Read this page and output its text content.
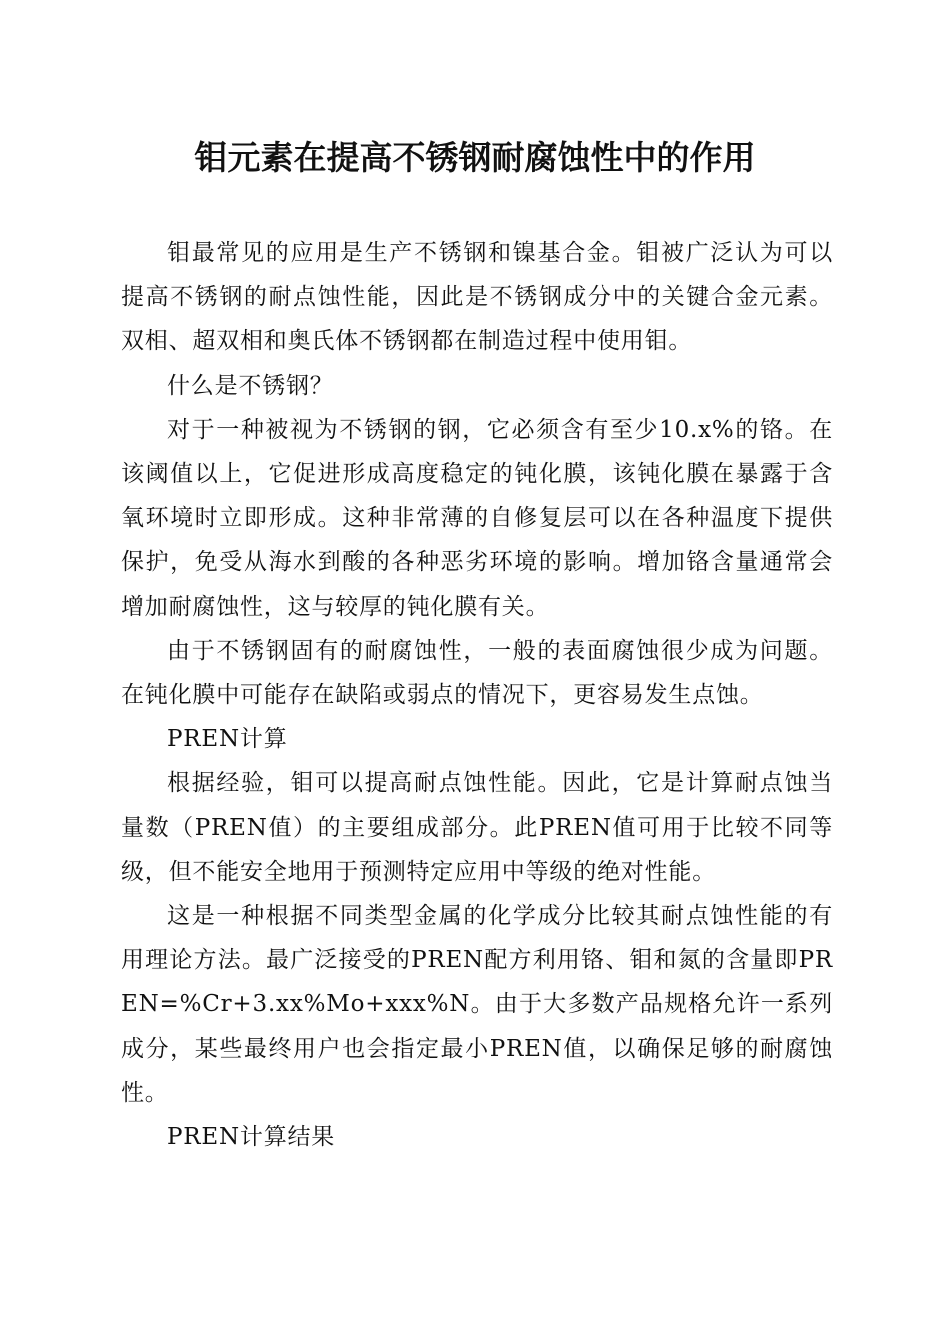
钼元素在提高不锈钢耐腐蚀性中的作用

钼最常见的应用是生产不锈钢和镍基合金。钼被广泛认为可以提高不锈钢的耐点蚀性能，因此是不锈钢成分中的关键合金元素。双相、超双相和奥氏体不锈钢都在制造过程中使用钼。

什么是不锈钢？

对于一种被视为不锈钢的钢，它必须含有至少10.x%的铬。在该阈值以上，它促进形成高度稳定的钝化膜，该钝化膜在暴露于含氧环境时立即形成。这种非常薄的自修复层可以在各种温度下提供保护，免受从海水到酸的各种恶劣环境的影响。增加铬含量通常会增加耐腐蚀性，这与较厚的钝化膜有关。

由于不锈钢固有的耐腐蚀性，一般的表面腐蚀很少成为问题。在钝化膜中可能存在缺陷或弱点的情况下，更容易发生点蚀。

PREN计算

根据经验，钼可以提高耐点蚀性能。因此，它是计算耐点蚀当量数（PREN值）的主要组成部分。此PREN值可用于比较不同等级，但不能安全地用于预测特定应用中等级的绝对性能。

这是一种根据不同类型金属的化学成分比较其耐点蚀性能的有用理论方法。最广泛接受的PREN配方利用铬、钼和氮的含量即PREN=%Cr+3.xx%Mo+xxx%N。由于大多数产品规格允许一系列成分，某些最终用户也会指定最小PREN值，以确保足够的耐腐蚀性。

PREN计算结果
